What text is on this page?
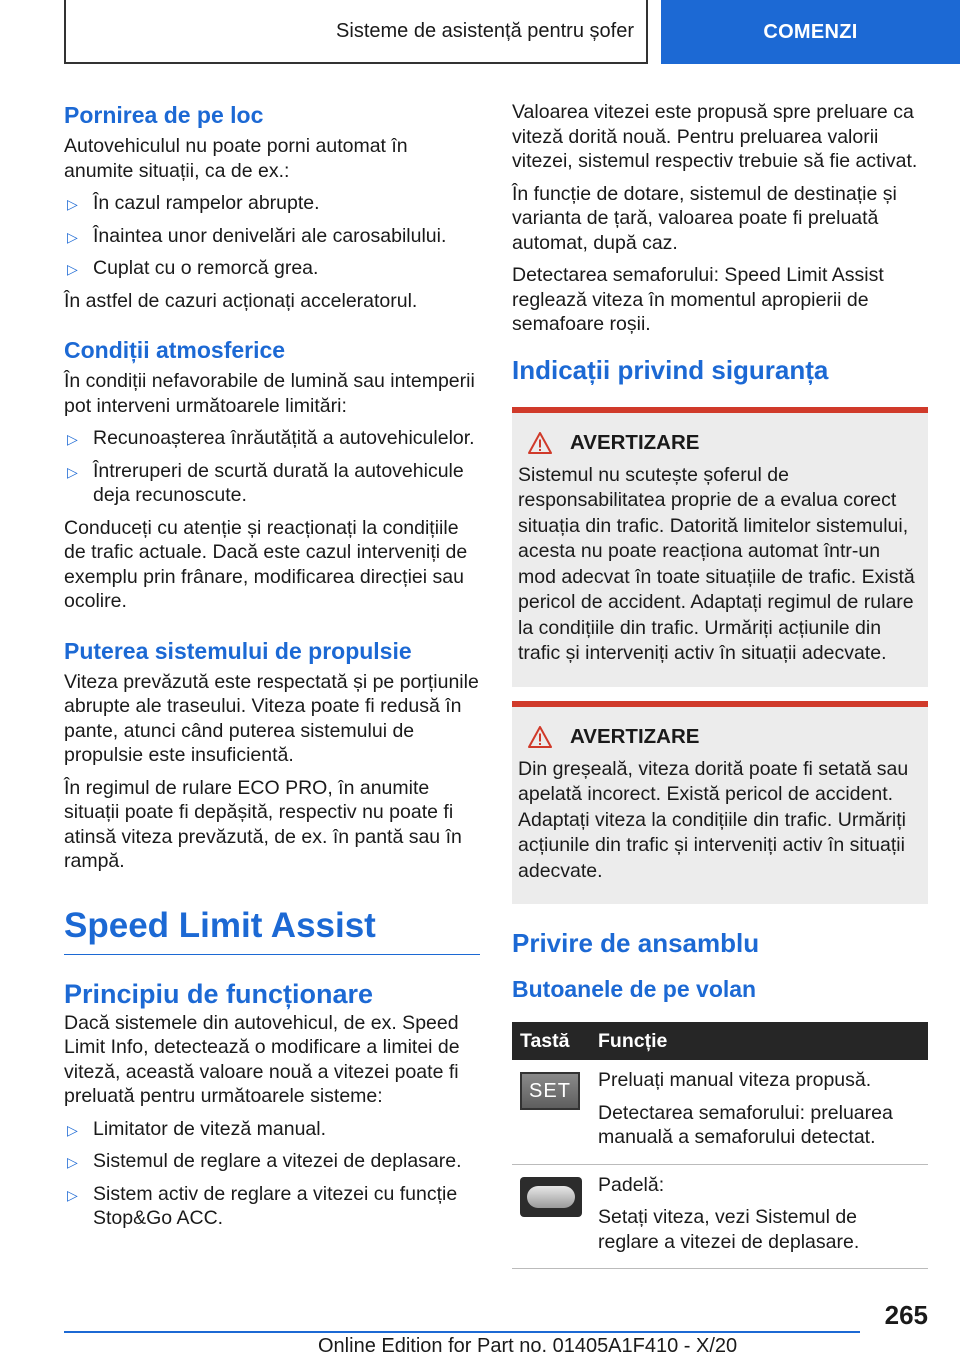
Sisteme de asistență pentru șofer	COMENZI
Pornirea de pe loc

Autovehiculul nu poate porni automat în anumite situații, ca de ex.:

▷ În cazul rampelor abrupte.
▷ Înaintea unor denivelări ale carosabilului.
▷ Cuplat cu o remorcă grea.

În astfel de cazuri acționați acceleratorul.

Condiții atmosferice

În condiții nefavorabile de lumină sau intemperii pot interveni următoarele limitări:

▷ Recunoașterea înrăutățită a autovehiculelor.
▷ Întreruperi de scurtă durată la autovehicule deja recunoscute.

Conduceți cu atenție și reacționați la condițiile de trafic actuale. Dacă este cazul interveniți de exemplu prin frânare, modificarea direcției sau ocolire.

Puterea sistemului de propulsie

Viteza prevăzută este respectată și pe porțiunile abrupte ale traseului. Viteza poate fi redusă în pante, atunci când puterea sistemului de propulsie este insuficientă.

În regimul de rulare ECO PRO, în anumite situații poate fi depășită, respectiv nu poate fi atinsă viteza prevăzută, de ex. în pantă sau în rampă.

Speed Limit Assist
Principiu de funcționare

Dacă sistemele din autovehicul, de ex. Speed Limit Info, detectează o modificare a limitei de viteză, această valoare nouă a vitezei poate fi preluată pentru următoarele sisteme:

▷ Limitator de viteză manual.
▷ Sistemul de reglare a vitezei de deplasare.
▷ Sistem activ de reglare a vitezei cu funcție Stop&Go ACC.

Valoarea vitezei este propusă spre preluare ca viteză dorită nouă. Pentru preluarea valorii vitezei, sistemul respectiv trebuie să fie activat.

În funcție de dotare, sistemul de destinație și varianta de țară, valoarea poate fi preluată automat, după caz.

Detectarea semaforului: Speed Limit Assist reglează viteza în momentul apropierii de semafoare roșii.

Indicații privind siguranța
AVERTIZARE

Sistemul nu scutește șoferul de responsabilitatea proprie de a evalua corect situația din trafic. Datorită limitelor sistemului, acesta nu poate reacționa automat într-un mod adecvat în toate situațiile de trafic. Există pericol de accident. Adaptați regimul de rulare la condițiile din trafic. Urmăriți acțiunile din trafic și interveniți activ în situații adecvate.

AVERTIZARE

Din greșeală, viteza dorită poate fi setată sau apelată incorect. Există pericol de accident. Adaptați viteza la condițiile din trafic. Urmăriți acțiunile din trafic și interveniți activ în situații adecvate.

Privire de ansamblu
Butoanele de pe volan
Tastă	Funcție

SET	Preluați manual viteza propusă.

Detectarea semaforului: preluarea manuală a semaforului detectat.

	Padelă:

Setați viteza, vezi Sistemul de reglare a vitezei de deplasare.

265
Online Edition for Part no. 01405A1F410 - X/20
